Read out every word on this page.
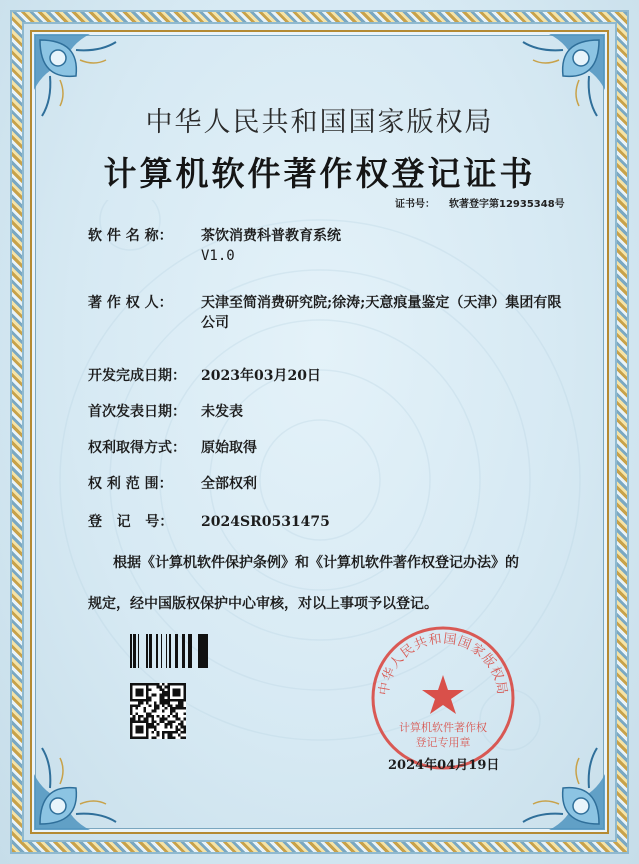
中华人民共和国国家版权局
计算机软件著作权登记证书
证书号： 软著登字第12935348号
软 件 名 称：	茶饮消费科普教育系统
V1.0
著 作 权 人：	天津至简消费研究院;徐涛;天意痕量鉴定（天津）集团有限公司
开发完成日期：	2023年03月20日
首次发表日期：	未发表
权利取得方式：	原始取得
权 利 范 围：	全部权利
登   记   号：	2024SR0531475
根据《计算机软件保护条例》和《计算机软件著作权登记办法》的
规定，经中国版权保护中心审核，对以上事项予以登记。
中华人民共和国国家版权局
计算机软件著作权
登记专用章
2024年04月19日
